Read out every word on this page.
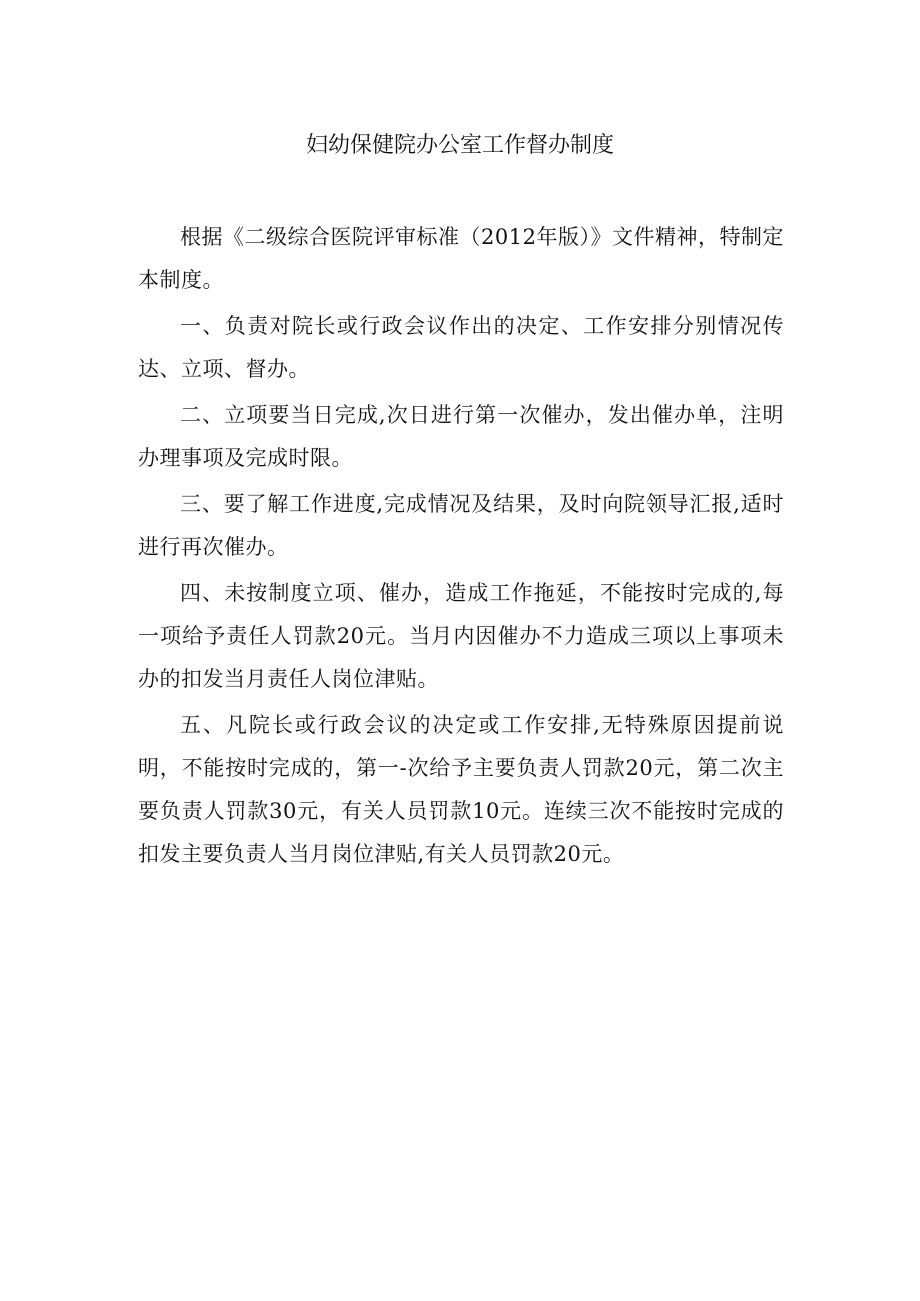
妇幼保健院办公室工作督办制度

根据《二级综合医院评审标准（2012年版）》文件精神，特制定本制度。

一、负责对院长或行政会议作出的决定、工作安排分别情况传达、立项、督办。

二、立项要当日完成,次日进行第一次催办，发出催办单，注明办理事项及完成时限。

三、要了解工作进度,完成情况及结果，及时向院领导汇报,适时进行再次催办。

四、未按制度立项、催办，造成工作拖延，不能按时完成的,每一项给予责任人罚款20元。当月内因催办不力造成三项以上事项未办的扣发当月责任人岗位津贴。

五、凡院长或行政会议的决定或工作安排,无特殊原因提前说明，不能按时完成的，第一-次给予主要负责人罚款20元，第二次主要负责人罚款30元，有关人员罚款10元。连续三次不能按时完成的扣发主要负责人当月岗位津贴,有关人员罚款20元。
